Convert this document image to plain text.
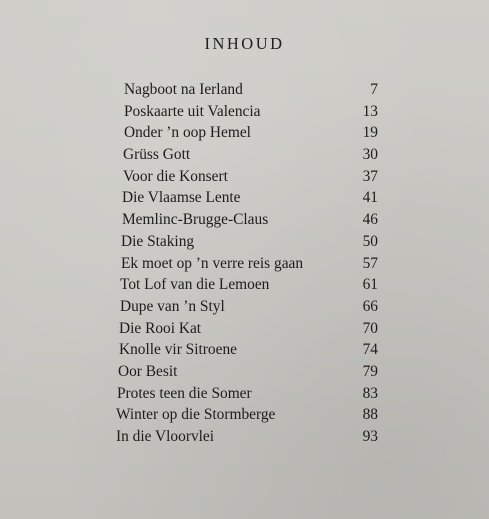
INHOUD
Nagboot na Ierland	7
Poskaarte uit Valencia	13
Onder ’n oop Hemel	19
Grüss Gott	30
Voor die Konsert	37
Die Vlaamse Lente	41
Memlinc-Brugge-Claus	46
Die Staking	50
Ek moet op ’n verre reis gaan	57
Tot Lof van die Lemoen	61
Dupe van ’n Styl	66
Die Rooi Kat	70
Knolle vir Sitroene	74
Oor Besit	79
Protes teen die Somer	83
Winter op die Stormberge	88
In die Vloorvlei	93
